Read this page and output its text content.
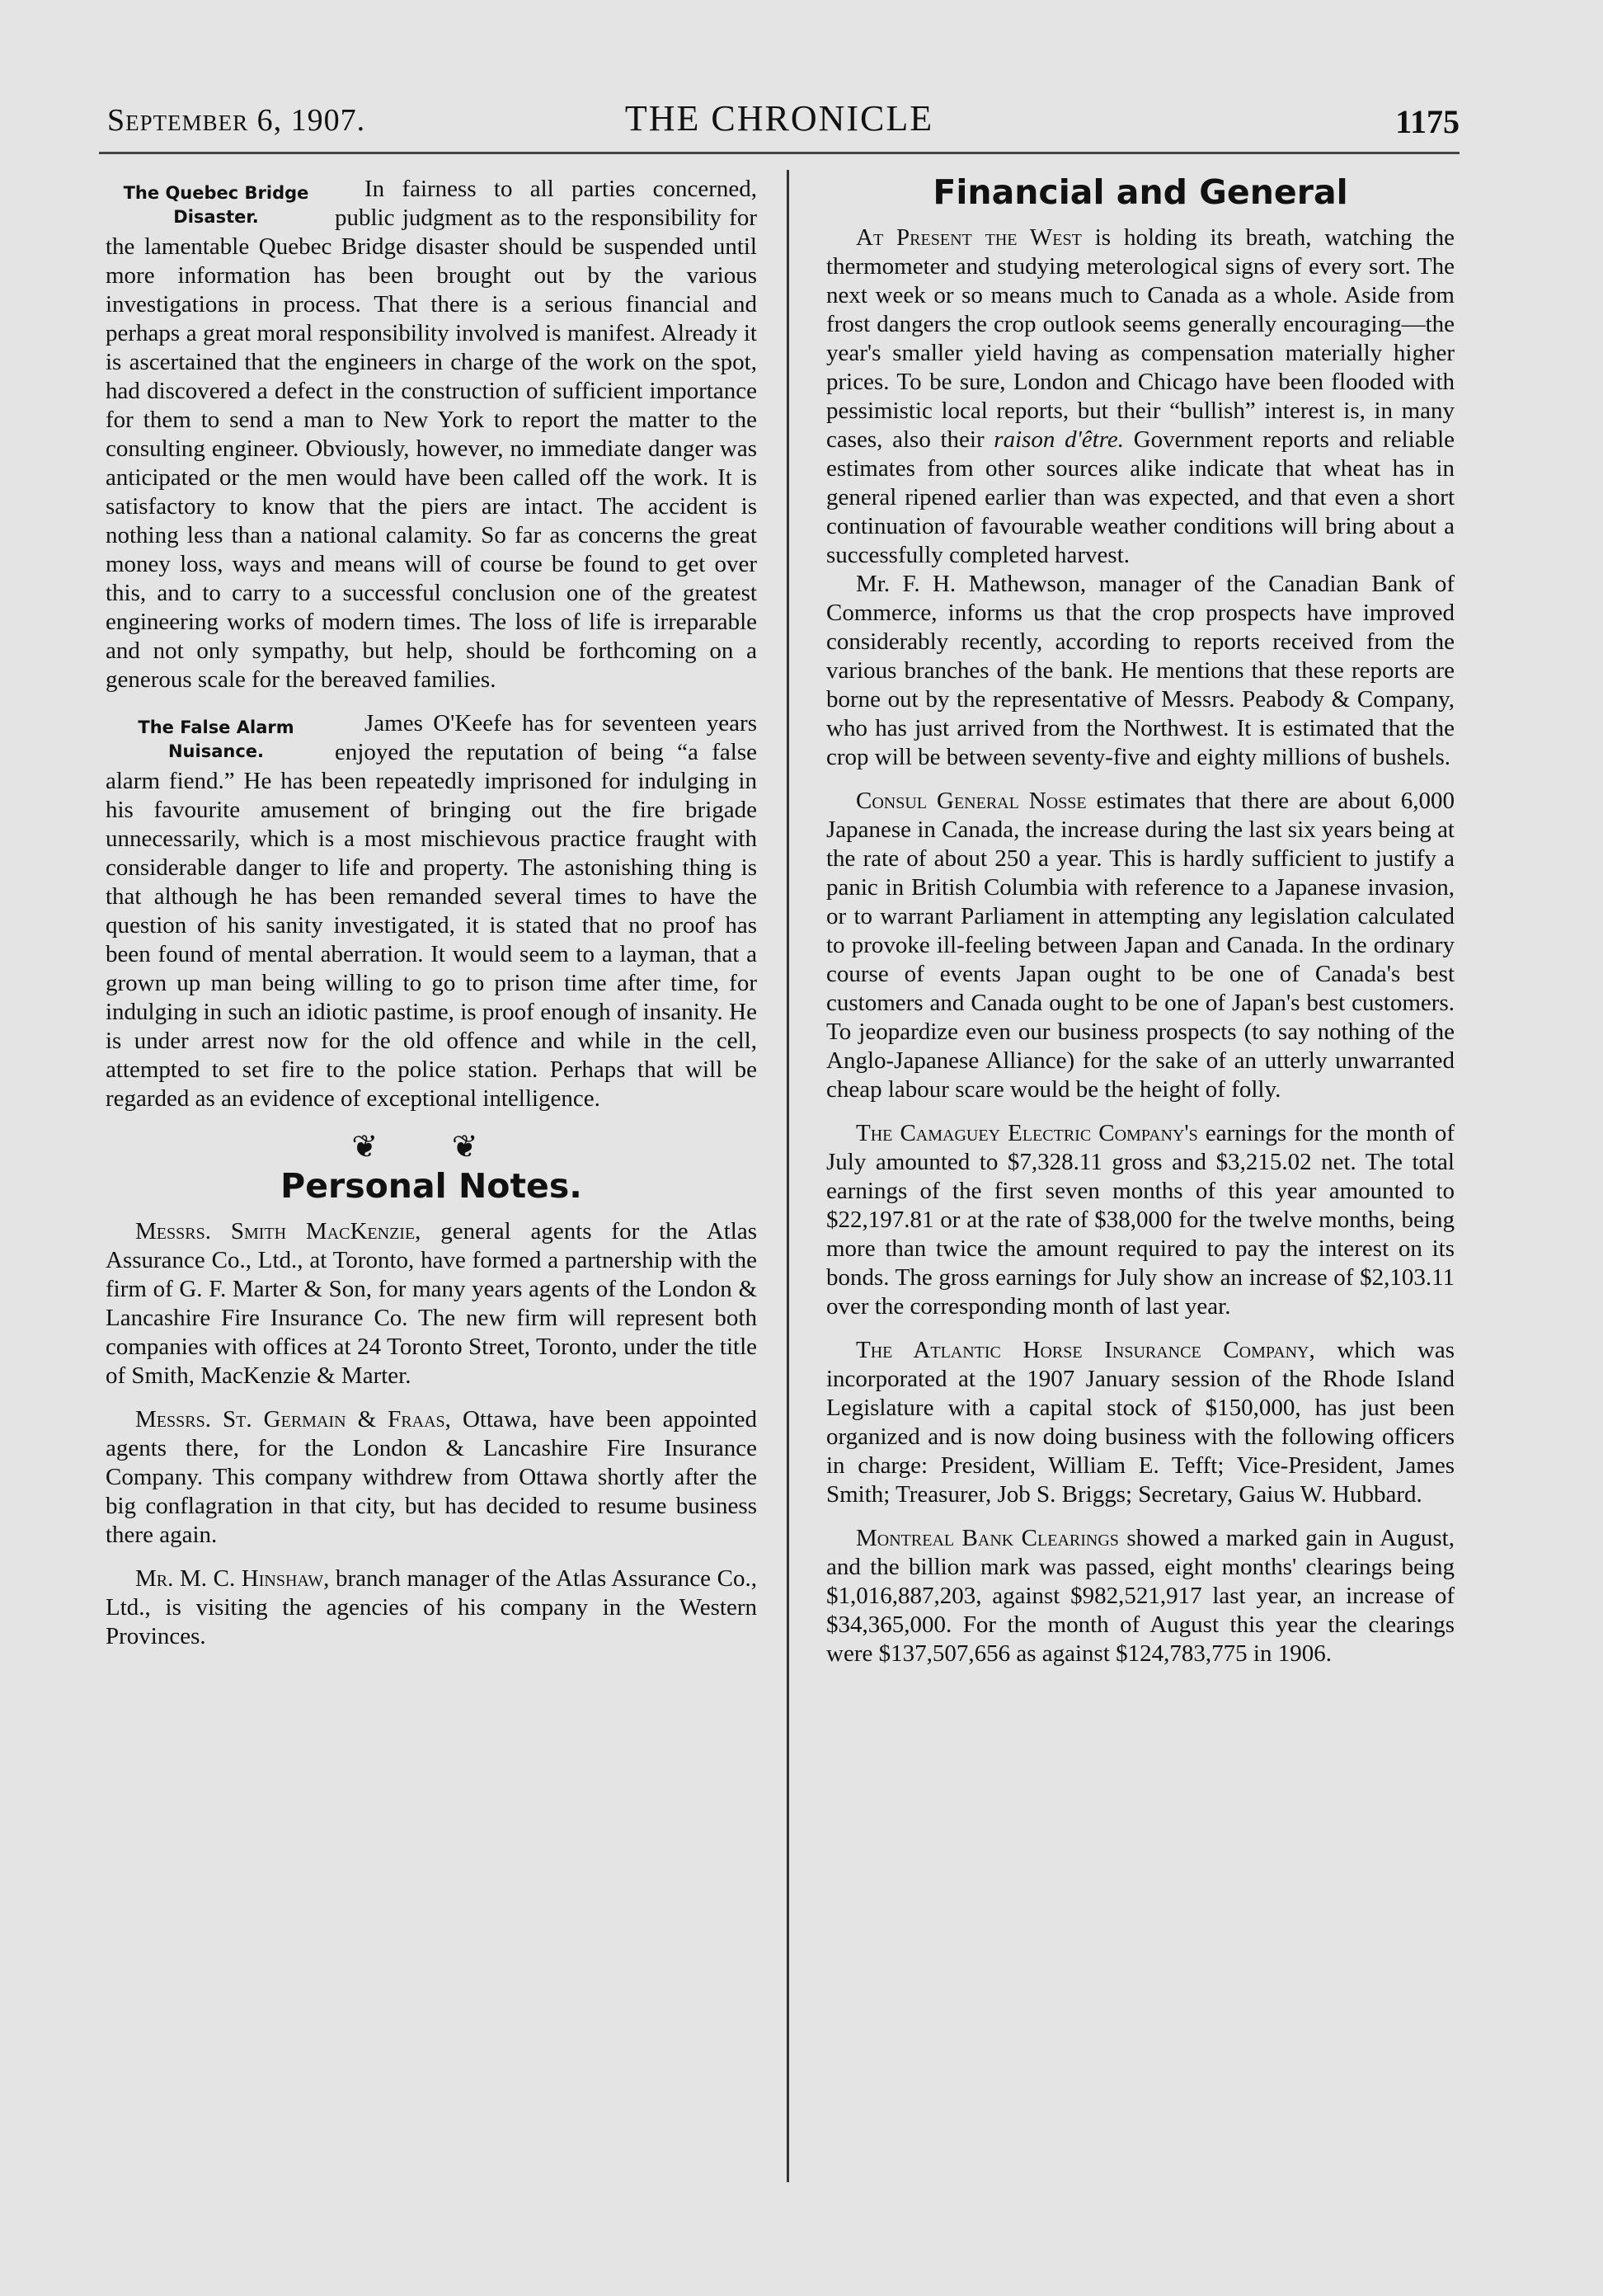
September 6, 1907.	THE CHRONICLE	1175
The Quebec Bridge
Disaster.

In fairness to all parties concerned, public judgment as to the responsibility for the lamentable Quebec Bridge disaster should be suspended until more information has been brought out by the various investigations in process. That there is a serious financial and perhaps a great moral responsibility involved is manifest. Already it is ascertained that the engineers in charge of the work on the spot, had discovered a defect in the construction of sufficient importance for them to send a man to New York to report the matter to the consulting engineer. Obviously, however, no immediate danger was anticipated or the men would have been called off the work. It is satisfactory to know that the piers are intact. The accident is nothing less than a national calamity. So far as concerns the great money loss, ways and means will of course be found to get over this, and to carry to a successful conclusion one of the greatest engineering works of modern times. The loss of life is irreparable and not only sympathy, but help, should be forthcoming on a generous scale for the bereaved families.

The False Alarm
Nuisance.

James O'Keefe has for seventeen years enjoyed the reputation of being “a false alarm fiend.” He has been repeatedly imprisoned for indulging in his favourite amusement of bringing out the fire brigade unnecessarily, which is a most mischievous practice fraught with considerable danger to life and property. The astonishing thing is that although he has been remanded several times to have the question of his sanity investigated, it is stated that no proof has been found of mental aberration. It would seem to a layman, that a grown up man being willing to go to prison time after time, for indulging in such an idiotic pastime, is proof enough of insanity. He is under arrest now for the old offence and while in the cell, attempted to set fire to the police station. Perhaps that will be regarded as an evidence of exceptional intelligence.

❦ ❦
Personal Notes.

Messrs. Smith MacKenzie, general agents for the Atlas Assurance Co., Ltd., at Toronto, have formed a partnership with the firm of G. F. Marter & Son, for many years agents of the London & Lancashire Fire Insurance Co. The new firm will represent both companies with offices at 24 Toronto Street, Toronto, under the title of Smith, MacKenzie & Marter.

Messrs. St. Germain & Fraas, Ottawa, have been appointed agents there, for the London & Lancashire Fire Insurance Company. This company withdrew from Ottawa shortly after the big conflagration in that city, but has decided to resume business there again.

Mr. M. C. Hinshaw, branch manager of the Atlas Assurance Co., Ltd., is visiting the agencies of his company in the Western Provinces.

Financial and General

At Present the West is holding its breath, watching the thermometer and studying meterological signs of every sort. The next week or so means much to Canada as a whole. Aside from frost dangers the crop outlook seems generally encouraging—the year's smaller yield having as compensation materially higher prices. To be sure, London and Chicago have been flooded with pessimistic local reports, but their “bullish” interest is, in many cases, also their raison d'être. Government reports and reliable estimates from other sources alike indicate that wheat has in general ripened earlier than was expected, and that even a short continuation of favourable weather conditions will bring about a successfully completed harvest.

Mr. F. H. Mathewson, manager of the Canadian Bank of Commerce, informs us that the crop prospects have improved considerably recently, according to reports received from the various branches of the bank. He mentions that these reports are borne out by the representative of Messrs. Peabody & Company, who has just arrived from the Northwest. It is estimated that the crop will be between seventy-five and eighty millions of bushels.

Consul General Nosse estimates that there are about 6,000 Japanese in Canada, the increase during the last six years being at the rate of about 250 a year. This is hardly sufficient to justify a panic in British Columbia with reference to a Japanese invasion, or to warrant Parliament in attempting any legislation calculated to provoke ill-feeling between Japan and Canada. In the ordinary course of events Japan ought to be one of Canada's best customers and Canada ought to be one of Japan's best customers. To jeopardize even our business prospects (to say nothing of the Anglo-Japanese Alliance) for the sake of an utterly unwarranted cheap labour scare would be the height of folly.

The Camaguey Electric Company's earnings for the month of July amounted to $7,328.11 gross and $3,215.02 net. The total earnings of the first seven months of this year amounted to $22,197.81 or at the rate of $38,000 for the twelve months, being more than twice the amount required to pay the interest on its bonds. The gross earnings for July show an increase of $2,103.11 over the corresponding month of last year.

The Atlantic Horse Insurance Company, which was incorporated at the 1907 January session of the Rhode Island Legislature with a capital stock of $150,000, has just been organized and is now doing business with the following officers in charge: President, William E. Tefft; Vice-President, James Smith; Treasurer, Job S. Briggs; Secretary, Gaius W. Hubbard.

Montreal Bank Clearings showed a marked gain in August, and the billion mark was passed, eight months' clearings being $1,016,887,203, against $982,521,917 last year, an increase of $34,365,000. For the month of August this year the clearings were $137,507,656 as against $124,783,775 in 1906.
